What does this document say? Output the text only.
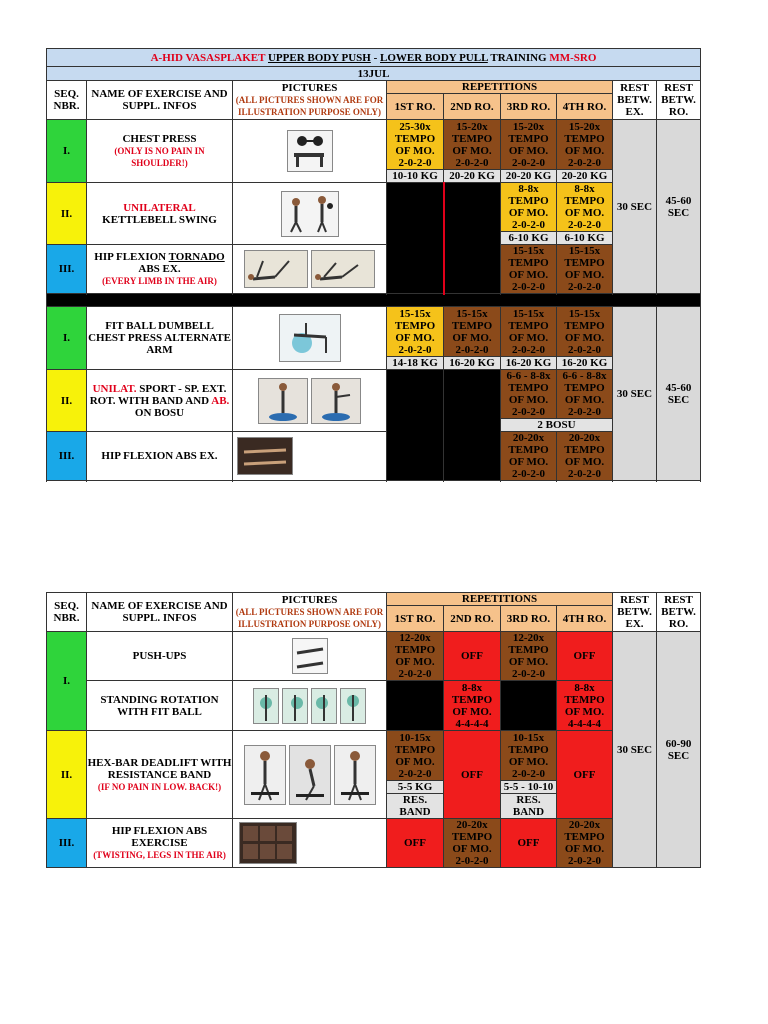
A-HID VASASPLAKET UPPER BODY PUSH - LOWER BODY PULL TRAINING MM-SRO								
13JUL								
SEQ. NBR.	NAME OF EXERCISE AND SUPPL. INFOS	PICTURES
(ALL PICTURES SHOWN ARE FOR ILLUSTRATION PURPOSE ONLY)	REPETITIONS				REST BETW. EX.	REST BETW. RO.
			1ST RO.	2ND RO.	3RD RO.	4TH RO.		
I.	CHEST PRESS
(ONLY IS NO PAIN IN SHOULDER!)		25-30x
TEMPO
OF MO.
2-0-2-0	15-20x
TEMPO
OF MO.
2-0-2-0	15-20x
TEMPO
OF MO.
2-0-2-0	15-20x
TEMPO
OF MO.
2-0-2-0	30 SEC	45-60 SEC
			10-10 KG	20-20 KG	20-20 KG	20-20 KG		
II.	UNILATERAL
KETTLEBELL SWING		OFF	OFF	8-8x
TEMPO
OF MO.
2-0-2-0	8-8x
TEMPO
OF MO.
2-0-2-0		
					6-10 KG	6-10 KG		
III.	HIP FLEXION TORNADO
ABS EX.
(EVERY LIMB IN THE AIR)				15-15x
TEMPO
OF MO.
2-0-2-0	15-15x
TEMPO
OF MO.
2-0-2-0		

I.	FIT BALL DUMBELL CHEST PRESS ALTERNATE ARM		15-15x
TEMPO
OF MO.
2-0-2-0	15-15x
TEMPO
OF MO.
2-0-2-0	15-15x
TEMPO
OF MO.
2-0-2-0	15-15x
TEMPO
OF MO.
2-0-2-0	30 SEC	45-60 SEC
			14-18 KG	16-20 KG	16-20 KG	16-20 KG		
II.	UNILAT. SPORT - SP. EXT. ROT. WITH BAND AND AB.
ON BOSU		OFF	OFF	6-6 - 8-8x
TEMPO
OF MO.
2-0-2-0	6-6 - 8-8x
TEMPO
OF MO.
2-0-2-0		
					2 BOSU			
III.	HIP FLEXION ABS EX.				20-20x
TEMPO
OF MO.
2-0-2-0	20-20x
TEMPO
OF MO.
2-0-2-0		

SEQ. NBR.	NAME OF EXERCISE AND SUPPL. INFOS	PICTURES
(ALL PICTURES SHOWN ARE FOR ILLUSTRATION PURPOSE ONLY)	REPETITIONS				REST BETW. EX.	REST BETW. RO.
			1ST RO.	2ND RO.	3RD RO.	4TH RO.		
I.	PUSH-UPS		12-20x
TEMPO
OF MO.
2-0-2-0	OFF	12-20x
TEMPO
OF MO.
2-0-2-0	OFF	30 SEC	60-90 SEC
	STANDING ROTATION WITH FIT BALL		OFF	8-8x
TEMPO
OF MO.
4-4-4-4	OFF	8-8x
TEMPO
OF MO.
4-4-4-4		
II.	HEX-BAR DEADLIFT WITH RESISTANCE BAND
(IF NO PAIN IN LOW. BACK!)		10-15x
TEMPO
OF MO.
2-0-2-0	OFF	10-15x
TEMPO
OF MO.
2-0-2-0	OFF		
			5-5 KG		5-5 - 10-10			
			RES. BAND		RES. BAND			
III.	HIP FLEXION ABS EXERCISE
(TWISTING, LEGS IN THE AIR)		OFF	20-20x
TEMPO
OF MO.
2-0-2-0	OFF	20-20x
TEMPO
OF MO.
2-0-2-0		
